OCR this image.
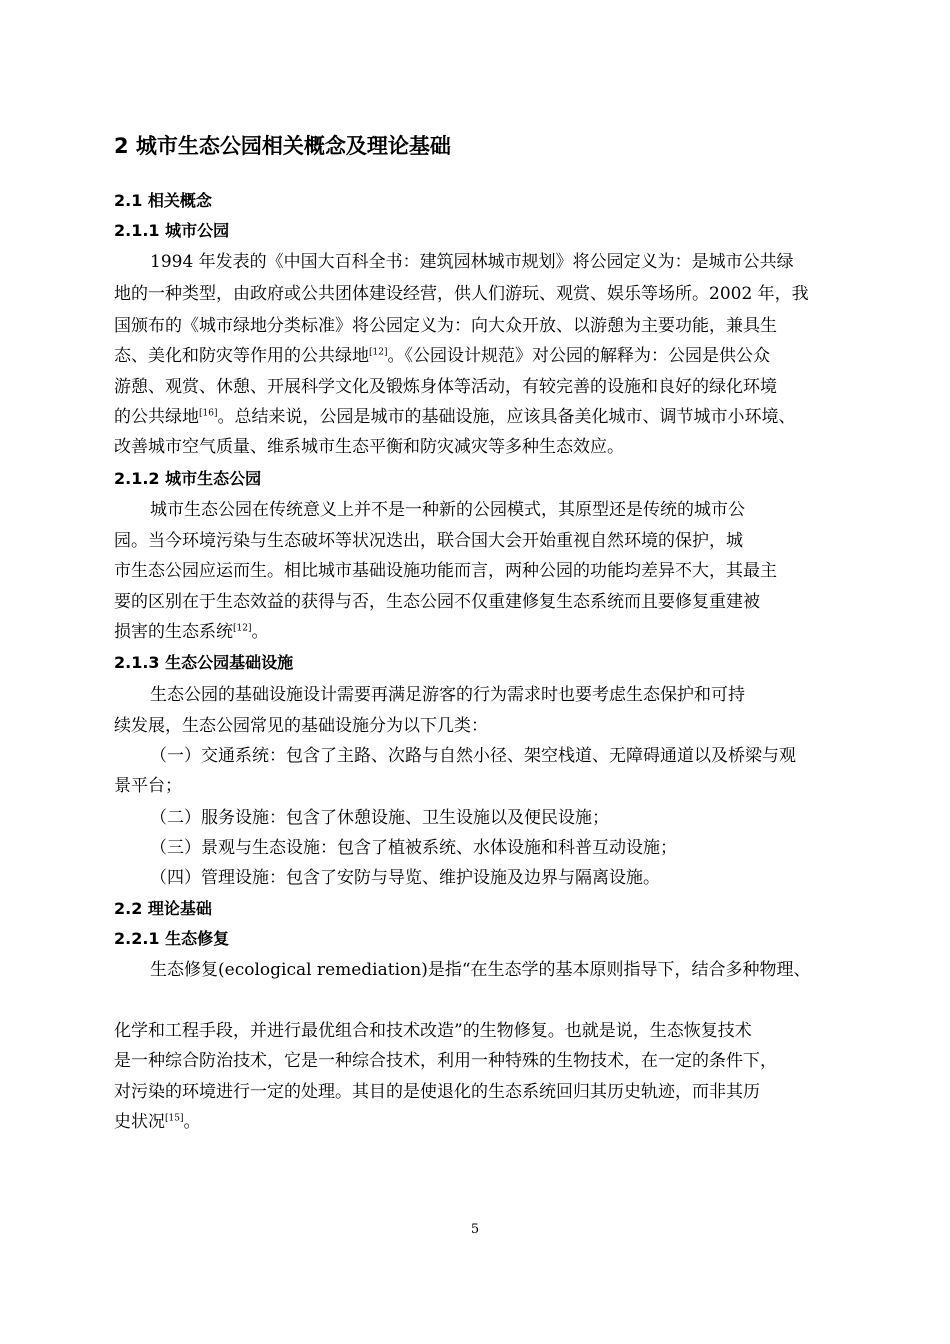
2 城市生态公园相关概念及理论基础
2.1 相关概念
2.1.1 城市公园
1994 年发表的《中国大百科全书：建筑园林城市规划》将公园定义为：是城市公共绿
地的一种类型，由政府或公共团体建设经营，供人们游玩、观赏、娱乐等场所。2002 年，我
国颁布的《城市绿地分类标准》将公园定义为：向大众开放、以游憩为主要功能，兼具生
态、美化和防灾等作用的公共绿地[12]。《公园设计规范》对公园的解释为：公园是供公众
游憩、观赏、休憩、开展科学文化及锻炼身体等活动，有较完善的设施和良好的绿化环境
的公共绿地[16]。总结来说，公园是城市的基础设施，应该具备美化城市、调节城市小环境、
改善城市空气质量、维系城市生态平衡和防灾减灾等多种生态效应。
2.1.2 城市生态公园
城市生态公园在传统意义上并不是一种新的公园模式，其原型还是传统的城市公
园。当今环境污染与生态破坏等状况迭出，联合国大会开始重视自然环境的保护，城
市生态公园应运而生。相比城市基础设施功能而言，两种公园的功能均差异不大，其最主
要的区别在于生态效益的获得与否，生态公园不仅重建修复生态系统而且要修复重建被
损害的生态系统[12]。
2.1.3 生态公园基础设施
生态公园的基础设施设计需要再满足游客的行为需求时也要考虑生态保护和可持
续发展，生态公园常见的基础设施分为以下几类：
（一）交通系统：包含了主路、次路与自然小径、架空栈道、无障碍通道以及桥梁与观
景平台；
（二）服务设施：包含了休憩设施、卫生设施以及便民设施；
（三）景观与生态设施：包含了植被系统、水体设施和科普互动设施；
（四）管理设施：包含了安防与导览、维护设施及边界与隔离设施。
2.2 理论基础
2.2.1 生态修复
生态修复(ecological remediation)是指“在生态学的基本原则指导下，结合多种物理、
化学和工程手段，并进行最优组合和技术改造”的生物修复。也就是说，生态恢复技术
是一种综合防治技术，它是一种综合技术，利用一种特殊的生物技术，在一定的条件下，
对污染的环境进行一定的处理。其目的是使退化的生态系统回归其历史轨迹，而非其历
史状况[15]。
5
